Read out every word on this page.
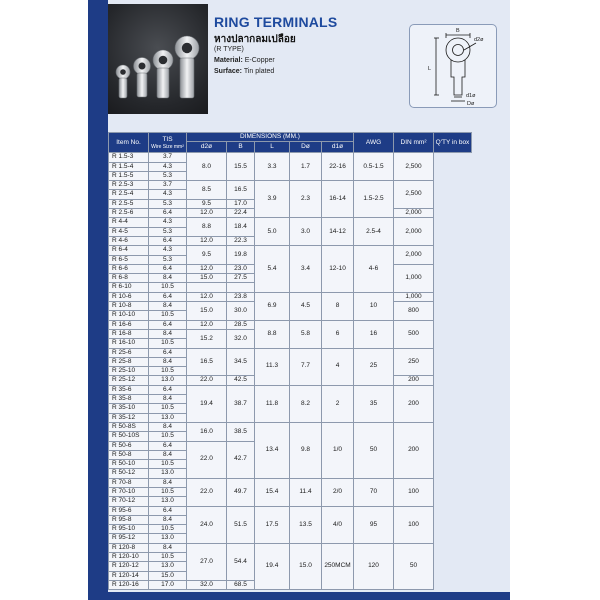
RING TERMINALS
หางปลากลมเปลือย
(R TYPE)
Material: E-Copper
Surface: Tin plated
B
d2ø
L
d1ø
Dø
Item No.	TIS
Wire Size mm²	DIMENSIONS (MM.)					AWG	DIN mm²	Q'TY in box
		d2ø	B	L	Dø	d1ø			
R 1.5-3	3.7	8.0	15.5	3.3	1.7	22-16	0.5-1.5	2,500	
R 1.5-4	4.3								
R 1.5-5	5.3								
R 2.5-3	3.7	8.5	16.5	3.9	2.3	16-14	1.5-2.5	2,500	
R 2.5-4	4.3								
R 2.5-5	5.3	9.5	17.0						
R 2.5-6	6.4	12.0	22.4					2,000	
R 4-4	4.3	8.8	18.4	5.0	3.0	14-12	2.5-4	2,000	
R 4-5	5.3								
R 4-6	6.4	12.0	22.3						
R 6-4	4.3	9.5	19.8	5.4	3.4	12-10	4-6	2,000	
R 6-5	5.3								
R 6-6	6.4	12.0	23.0					1,000	
R 6-8	8.4	15.0	27.5						
R 6-10	10.5								
R 10-6	6.4	12.0	23.8	6.9	4.5	8	10	1,000	
R 10-8	8.4	15.0	30.0					800	
R 10-10	10.5								
R 16-6	6.4	12.0	28.5	8.8	5.8	6	16	500	
R 16-8	8.4	15.2	32.0						
R 16-10	10.5								
R 25-6	6.4	16.5	34.5	11.3	7.7	4	25	250	
R 25-8	8.4								
R 25-10	10.5								
R 25-12	13.0	22.0	42.5					200	
R 35-6	6.4	19.4	38.7	11.8	8.2	2	35	200	
R 35-8	8.4								
R 35-10	10.5								
R 35-12	13.0								
R 50-8S	8.4	16.0	38.5	13.4	9.8	1/0	50	200	
R 50-10S	10.5								
R 50-6	6.4	22.0	42.7						
R 50-8	8.4								
R 50-10	10.5								
R 50-12	13.0								
R 70-8	8.4	22.0	49.7	15.4	11.4	2/0	70	100	
R 70-10	10.5								
R 70-12	13.0								
R 95-6	6.4	24.0	51.5	17.5	13.5	4/0	95	100	
R 95-8	8.4								
R 95-10	10.5								
R 95-12	13.0								
R 120-8	8.4	27.0	54.4	19.4	15.0	250MCM	120	50	
R 120-10	10.5								
R 120-12	13.0								
R 120-14	15.0								
R 120-16	17.0	32.0	68.5						
